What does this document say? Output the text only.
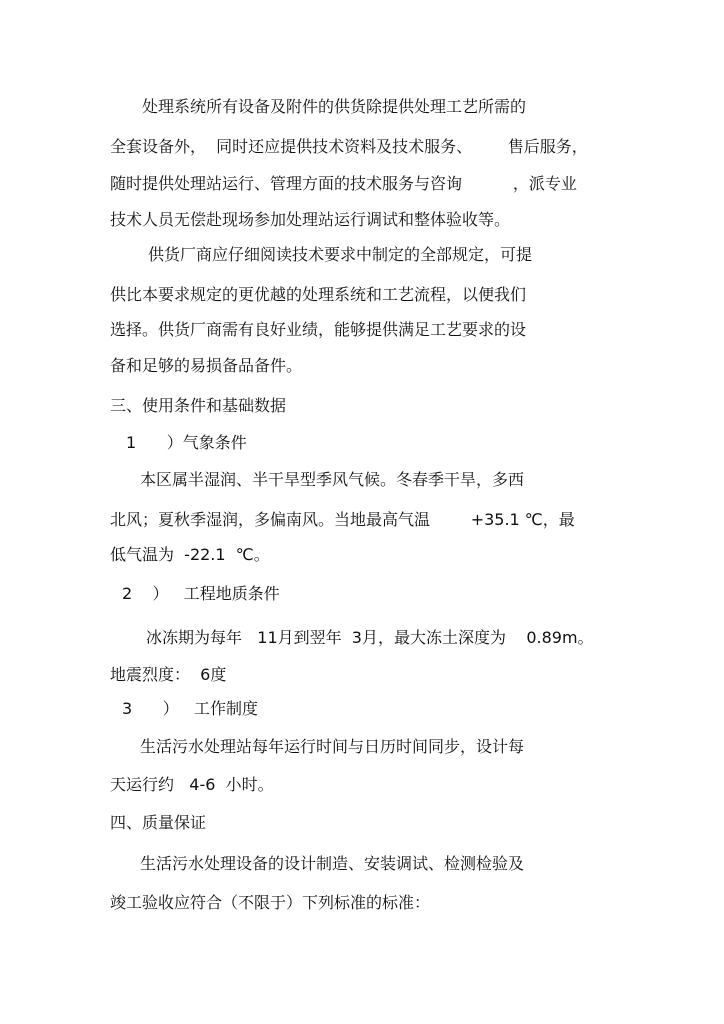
处理系统所有设备及附件的供货除提供处理工艺所需的
全套设备外，  同时还应提供技术资料及技术服务、       售后服务，
随时提供处理站运行、管理方面的技术服务与咨询          ，派专业
技术人员无偿赴现场参加处理站运行调试和整体验收等。
供货厂商应仔细阅读技术要求中制定的全部规定，可提
供比本要求规定的更优越的处理系统和工艺流程，以便我们
选择。供货厂商需有良好业绩，能够提供满足工艺要求的设
备和足够的易损备品备件。
三、使用条件和基础数据
1      ）气象条件
本区属半湿润、半干旱型季风气候。冬春季干旱，多西
北风；夏秋季湿润，多偏南风。当地最高气温        +35.1 ℃，最
低气温为  -22.1  ℃。
2    ）   工程地质条件
冰冻期为每年   11月到翌年  3月，最大冻土深度为    0.89m。
地震烈度：  6度
3      ）   工作制度
生活污水处理站每年运行时间与日历时间同步，设计每
天运行约   4-6  小时。
四、质量保证
生活污水处理设备的设计制造、安装调试、检测检验及
竣工验收应符合（不限于）下列标准的标准：
